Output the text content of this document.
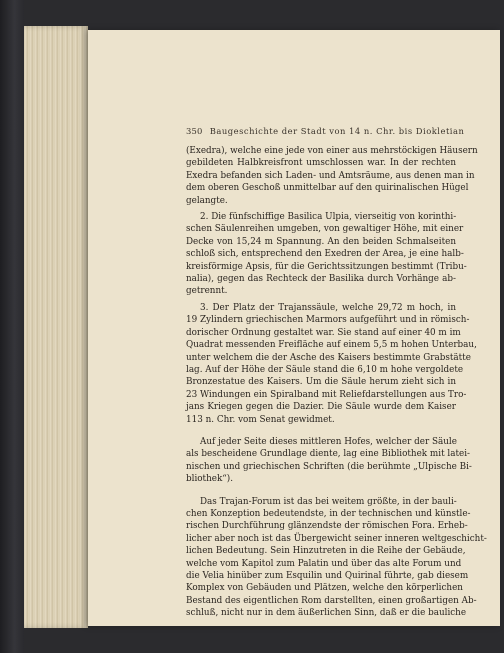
350 Baugeschichte der Stadt von 14 n. Chr. bis Diokletian

(Exedra), welche eine jede von einer aus mehrstöckigen Häusern
gebildeten Halbkreisfront umschlossen war. In der rechten
Exedra befanden sich Laden- und Amtsräume, aus denen man in
dem oberen Geschoß unmittelbar auf den quirinalischen Hügel
gelangte.

2. Die fünfschiffige Basilica Ulpia, vierseitig von korinthi-
schen Säulenreihen umgeben, von gewaltiger Höhe, mit einer
Decke von 15,24 m Spannung. An den beiden Schmalseiten
schloß sich, entsprechend den Exedren der Area, je eine halb-
kreisförmige Apsis, für die Gerichtssitzungen bestimmt (Tribu-
nalia), gegen das Rechteck der Basilika durch Vorhänge ab-
getrennt.

3. Der Platz der Trajanssäule, welche 29,72 m hoch, in
19 Zylindern griechischen Marmors aufgeführt und in römisch-
dorischer Ordnung gestaltet war. Sie stand auf einer 40 m im
Quadrat messenden Freifläche auf einem 5,5 m hohen Unterbau,
unter welchem die der Asche des Kaisers bestimmte Grabstätte
lag. Auf der Höhe der Säule stand die 6,10 m hohe vergoldete
Bronzestatue des Kaisers. Um die Säule herum zieht sich in
23 Windungen ein Spiralband mit Reliefdarstellungen aus Tro-
jans Kriegen gegen die Dazier. Die Säule wurde dem Kaiser
113 n. Chr. vom Senat gewidmet.

Auf jeder Seite dieses mittleren Hofes, welcher der Säule
als bescheidene Grundlage diente, lag eine Bibliothek mit latei-
nischen und griechischen Schriften (die berühmte „Ulpische Bi-
bliothek“).

Das Trajan-Forum ist das bei weitem größte, in der bauli-
chen Konzeption bedeutendste, in der technischen und künstle-
rischen Durchführung glänzendste der römischen Fora. Erheb-
licher aber noch ist das Übergewicht seiner inneren weltgeschicht-
lichen Bedeutung. Sein Hinzutreten in die Reihe der Gebäude,
welche vom Kapitol zum Palatin und über das alte Forum und
die Velia hinüber zum Esquilin und Quirinal führte, gab diesem
Komplex von Gebäuden und Plätzen, welche den körperlichen
Bestand des eigentlichen Rom darstellten, einen großartigen Ab-
schluß, nicht nur in dem äußerlichen Sinn, daß er die bauliche
